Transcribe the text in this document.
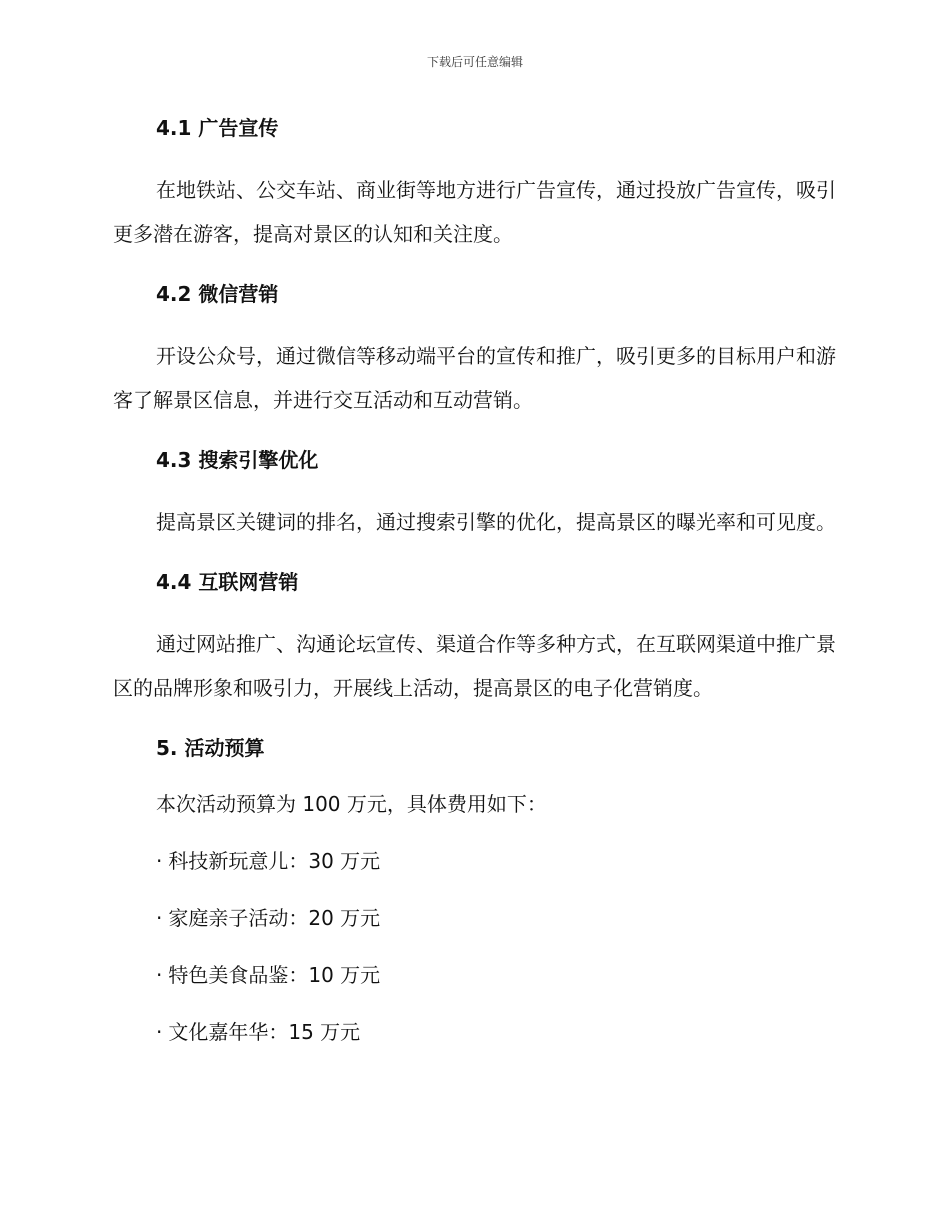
下载后可任意编辑
4.1 广告宣传

在地铁站、公交车站、商业街等地方进行广告宣传，通过投放广告宣传，吸引更多潜在游客，提高对景区的认知和关注度。

4.2 微信营销

开设公众号，通过微信等移动端平台的宣传和推广，吸引更多的目标用户和游客了解景区信息，并进行交互活动和互动营销。

4.3 搜索引擎优化

提高景区关键词的排名，通过搜索引擎的优化，提高景区的曝光率和可见度。

4.4 互联网营销

通过网站推广、沟通论坛宣传、渠道合作等多种方式，在互联网渠道中推广景区的品牌形象和吸引力，开展线上活动，提高景区的电子化营销度。

5. 活动预算

本次活动预算为 100 万元，具体费用如下：

· 科技新玩意儿：30 万元

· 家庭亲子活动：20 万元

· 特色美食品鉴：10 万元

· 文化嘉年华：15 万元
